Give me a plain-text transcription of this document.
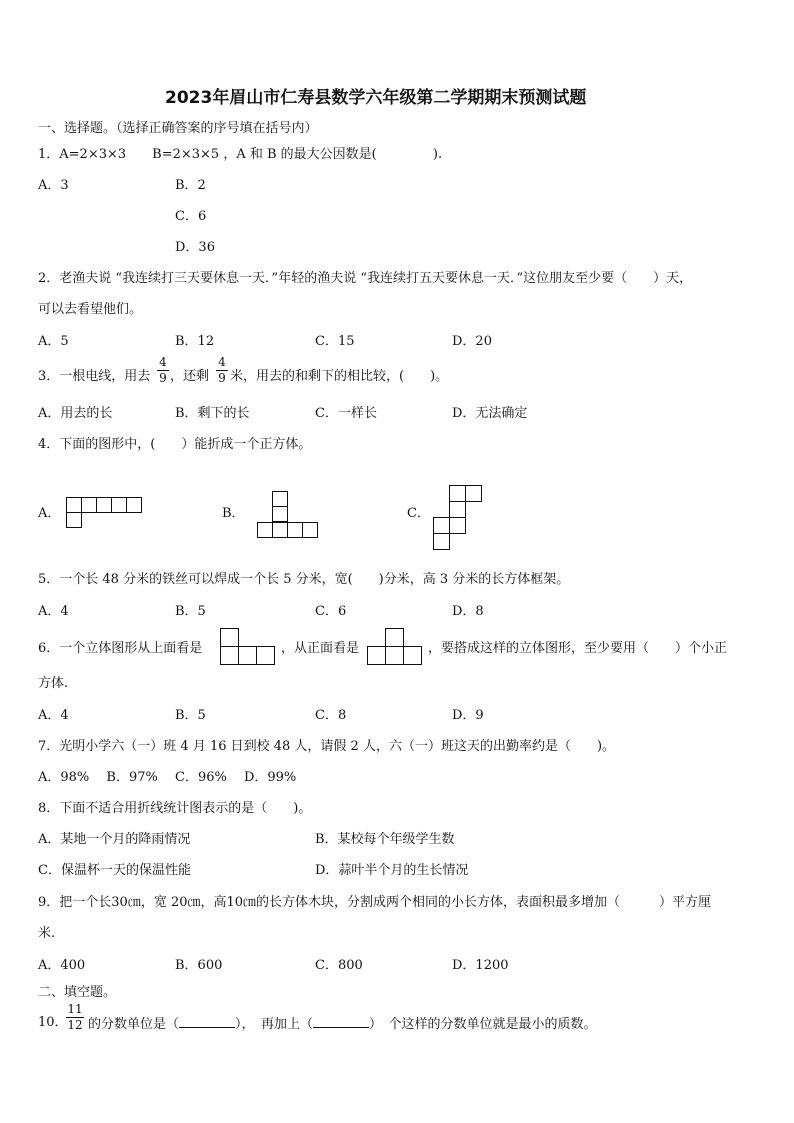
2023年眉山市仁寿县数学六年级第二学期期末预测试题
一、选择题。（选择正确答案的序号填在括号内）
1．A=2×3×3　　B=2×3×5 ，A 和 B 的最大公因数是(　　　　 ).
A．3	B．2
C．6
D．36
2．老渔夫说 “我连续打三天要休息一天．”年轻的渔夫说 “我连续打五天要休息一天．”这位朋友至少要（　　）天，
可以去看望他们。
A．5	B．12	C．15	D．20
3．一根电线，用去
4
9 ，还剩
4
9 米，用去的和剩下的相比较，(　　)。
A．用去的长	B．剩下的长	C．一样长	D．无法确定
4．下面的图形中，(　　）能折成一个正方体。
A．	B．	C．
5．一个长 48 分米的铁丝可以焊成一个长 5 分米，宽(　　)分米，高 3 分米的长方体框架。
A．4	B．5	C．6	D．8
6．一个立体图形从上面看是	，从正面看是	，要搭成这样的立体图形，至少要用（　　）个小正
方体.
A．4	B．5	C．8	D．9
7．光明小学六（一）班 4 月 16 日到校 48 人，请假 2 人，六（一）班这天的出勤率约是（　　)。
A．98%　 B．97%　 C．96%　 D．99%
8．下面不适合用折线统计图表示的是（　　)。
A．某地一个月的降雨情况	B．某校每个年级学生数
C．保温杯一天的保温性能	D．蒜叶半个月的生长情况
9．把一个长30㎝，宽 20㎝，高10㎝的长方体木块，分割成两个相同的小长方体，表面积最多增加（　　　）平方厘
米.
A．400	B．600	C．800	D．1200
二、填空题。
10．
11
12 的分数单位是（	），　再加上（	）　个这样的分数单位就是最小的质数。
